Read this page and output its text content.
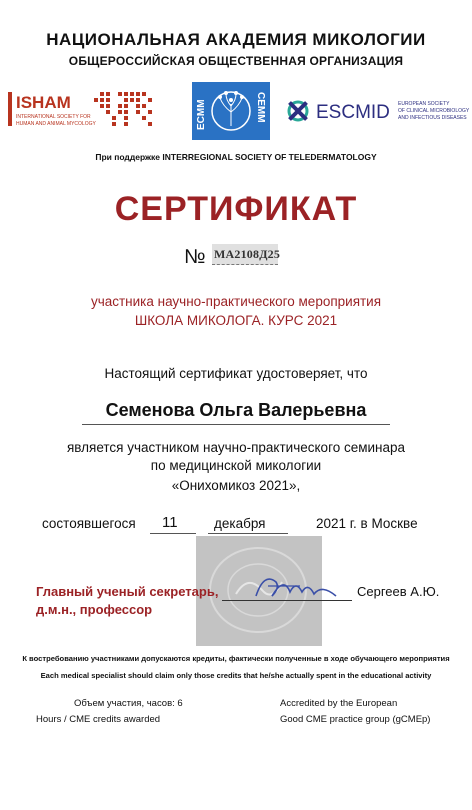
НАЦИОНАЛЬНАЯ АКАДЕМИЯ МИКОЛОГИИ
ОБЩЕРОССИЙСКАЯ ОБЩЕСТВЕННАЯ ОРГАНИЗАЦИЯ
ISHAM
INTERNATIONAL SOCIETY FOR
HUMAN AND ANIMAL MYCOLOGY	ECMM	CEMM	ESCMID EUROPEAN SOCIETY
OF CLINICAL MICROBIOLOGY
AND INFECTIOUS DISEASES
При поддержке INTERREGIONAL SOCIETY OF TELEDERMATOLOGY
СЕРТИФИКАТ
№ МА2108Д25
участника научно-практического мероприятия
ШКОЛА МИКОЛОГА. КУРС 2021
Настоящий сертификат удостоверяет, что
Семенова Ольга Валерьевна
является участником научно-практического семинара
по медицинской микологии
«Онихомикоз 2021»,
состоявшегося 11	декабря	2021 г. в Москве
Главный ученый секретарь,
д.м.н., профессор
Сергеев А.Ю.
К востребованию участниками допускаются кредиты, фактически полученные в ходе обучающего мероприятия
Each medical specialist should claim only those credits that he/she actually spent in the educational activity
Объем участия, часов: 6
Hours / CME credits awarded
Accredited by the European
Good CME practice group (gCMEp)
